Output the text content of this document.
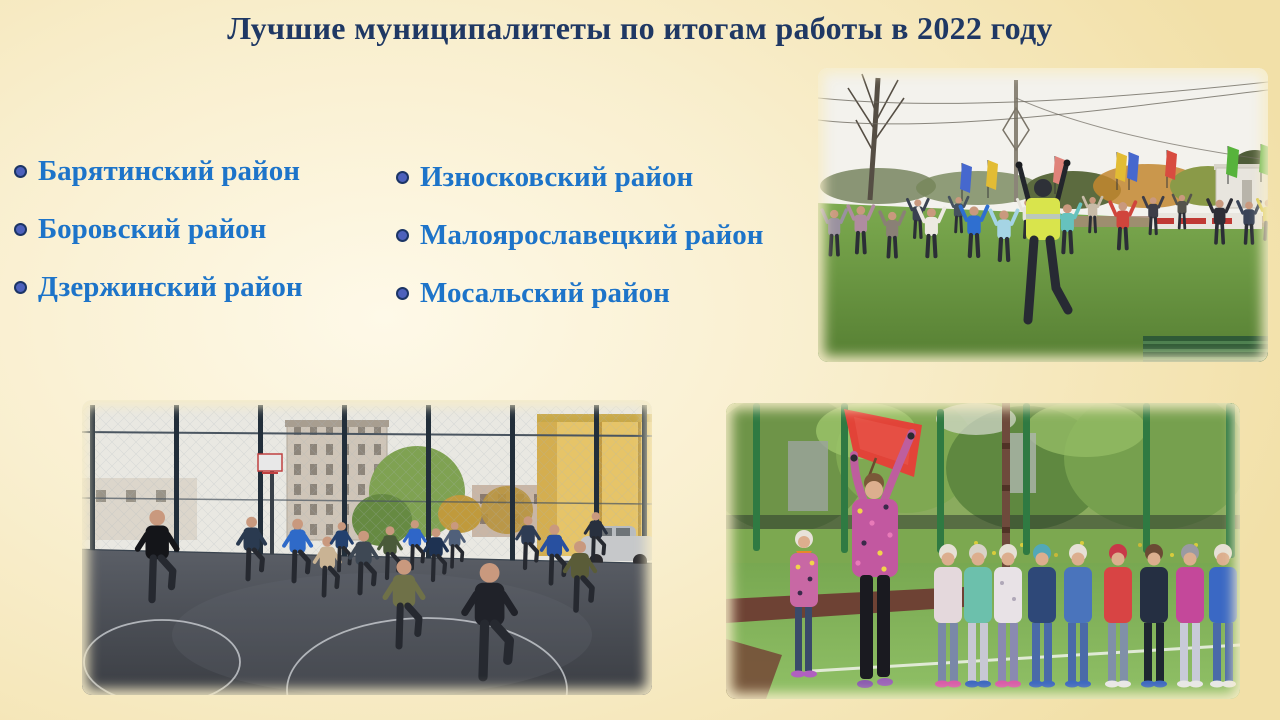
Лучшие муниципалитеты по итогам работы в 2022 году
Барятинский район
Боровский район
Дзержинский район
Износковский район
Малоярославецкий район
Мосальский район
